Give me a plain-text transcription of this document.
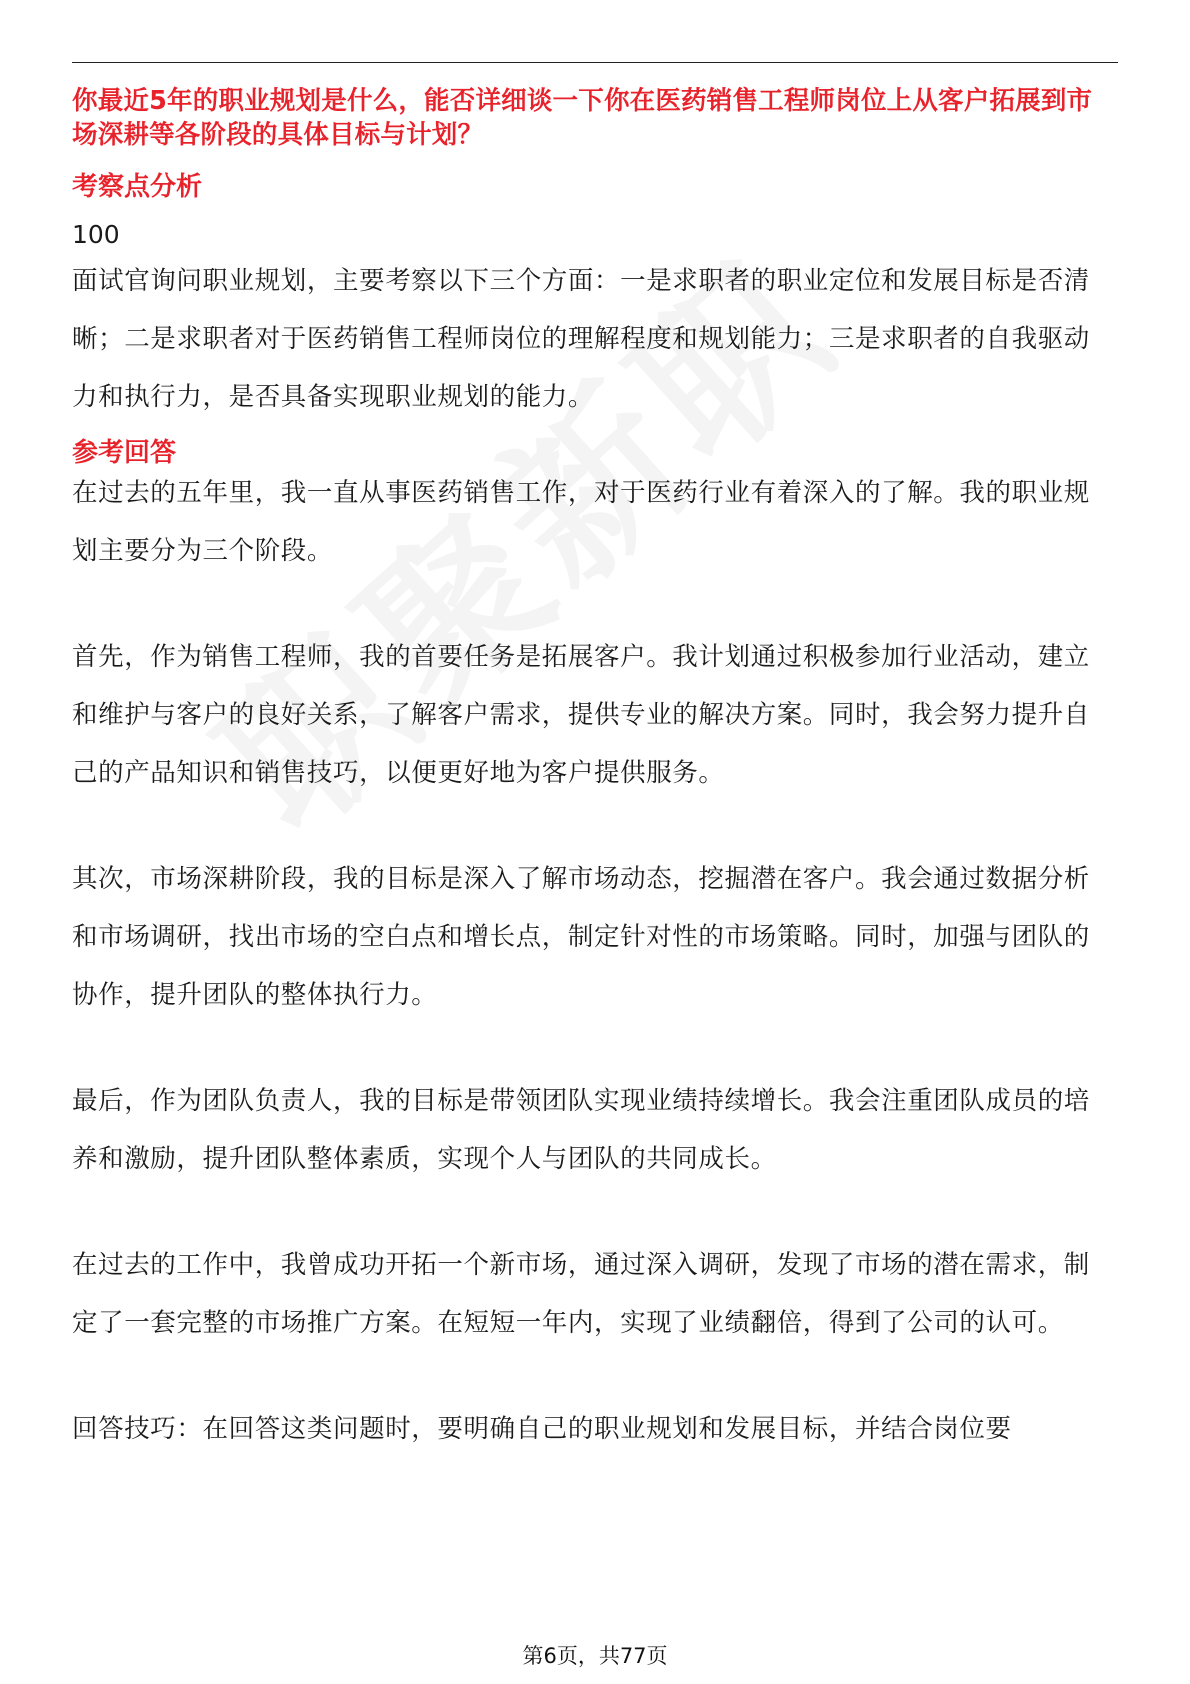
你最近5年的职业规划是什么，能否详细谈一下你在医药销售工程师岗位上从客户拓展到市场深耕等各阶段的具体目标与计划？

考察点分析

100

面试官询问职业规划，主要考察以下三个方面：一是求职者的职业定位和发展目标是否清晰；二是求职者对于医药销售工程师岗位的理解程度和规划能力；三是求职者的自我驱动力和执行力，是否具备实现职业规划的能力。

参考回答

在过去的五年里，我一直从事医药销售工作，对于医药行业有着深入的了解。我的职业规划主要分为三个阶段。

首先，作为销售工程师，我的首要任务是拓展客户。我计划通过积极参加行业活动，建立和维护与客户的良好关系，了解客户需求，提供专业的解决方案。同时，我会努力提升自己的产品知识和销售技巧，以便更好地为客户提供服务。

其次，市场深耕阶段，我的目标是深入了解市场动态，挖掘潜在客户。我会通过数据分析和市场调研，找出市场的空白点和增长点，制定针对性的市场策略。同时，加强与团队的协作，提升团队的整体执行力。

最后，作为团队负责人，我的目标是带领团队实现业绩持续增长。我会注重团队成员的培养和激励，提升团队整体素质，实现个人与团队的共同成长。

在过去的工作中，我曾成功开拓一个新市场，通过深入调研，发现了市场的潜在需求，制定了一套完整的市场推广方案。在短短一年内，实现了业绩翻倍，得到了公司的认可。

回答技巧：在回答这类问题时，要明确自己的职业规划和发展目标，并结合岗位要

第6页，共77页
